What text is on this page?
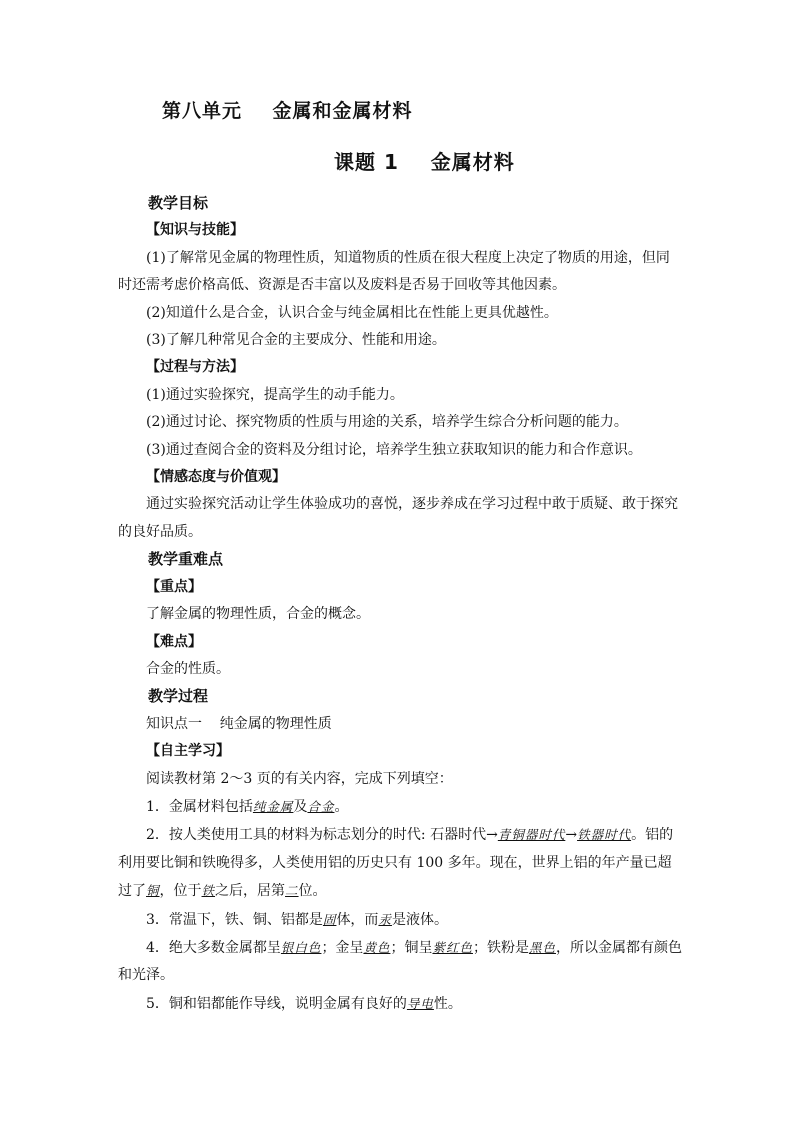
第八单元    金属和金属材料
课题 1    金属材料

教学目标

【知识与技能】

(1)了解常见金属的物理性质，知道物质的性质在很大程度上决定了物质的用途，但同时还需考虑价格高低、资源是否丰富以及废料是否易于回收等其他因素。

(2)知道什么是合金，认识合金与纯金属相比在性能上更具优越性。

(3)了解几种常见合金的主要成分、性能和用途。

【过程与方法】

(1)通过实验探究，提高学生的动手能力。

(2)通过讨论、探究物质的性质与用途的关系，培养学生综合分析问题的能力。

(3)通过查阅合金的资料及分组讨论，培养学生独立获取知识的能力和合作意识。

【情感态度与价值观】

通过实验探究活动让学生体验成功的喜悦，逐步养成在学习过程中敢于质疑、敢于探究的良好品质。

教学重难点

【重点】

了解金属的物理性质，合金的概念。

【难点】

合金的性质。

教学过程

知识点一    纯金属的物理性质

【自主学习】

阅读教材第 2～3 页的有关内容，完成下列填空：

1．金属材料包括纯金属及合金。

2．按人类使用工具的材料为标志划分的时代: 石器时代→青铜器时代→铁器时代。铝的利用要比铜和铁晚得多，人类使用铝的历史只有 100 多年。现在，世界上铝的年产量已超过了铜，位于铁之后，居第二位。

3．常温下，铁、铜、铝都是固体，而汞是液体。

4．绝大多数金属都呈银白色；金呈黄色；铜呈紫红色；铁粉是黑色，所以金属都有颜色和光泽。

5．铜和铝都能作导线，说明金属有良好的导电性。
